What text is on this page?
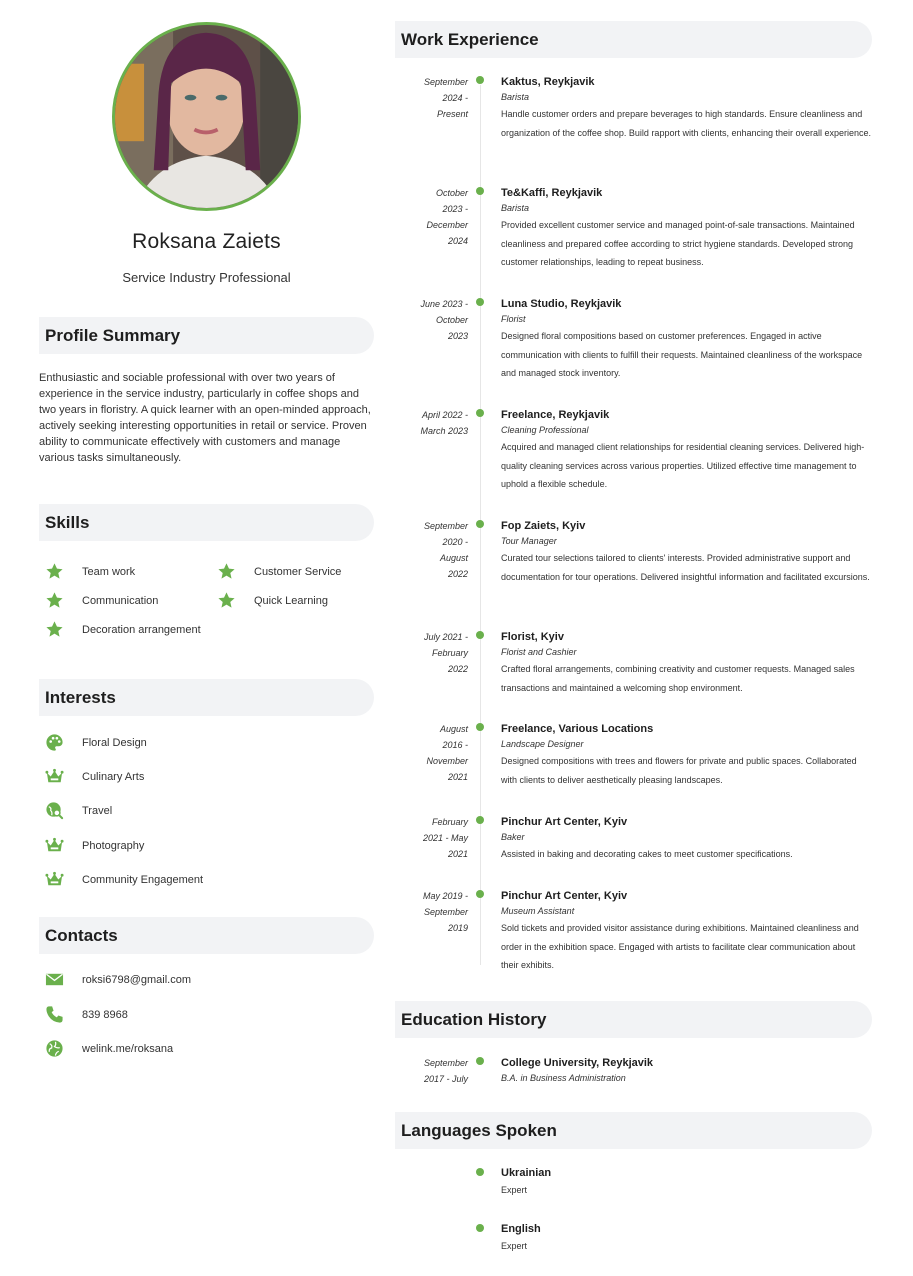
Roksana Zaiets
Service Industry Professional
Profile Summary
Enthusiastic and sociable professional with over two years of experience in the service industry, particularly in coffee shops and two years in floristry. A quick learner with an open-minded approach, actively seeking interesting opportunities in retail or service. Proven ability to communicate effectively with customers and manage various tasks simultaneously.
Skills
Team work	Customer Service
Communication	Quick Learning
Decoration arrangement
Interests
Floral Design
Culinary Arts
Travel
Photography
Community Engagement
Contacts
roksi6798@gmail.com
839 8968
welink.me/roksana
Work Experience
September
2024 -
Present
Kaktus, Reykjavik
Barista
Handle customer orders and prepare beverages to high standards. Ensure cleanliness and organization of the coffee shop. Build rapport with clients, enhancing their overall experience.
October
2023 -
December
2024
Te&Kaffi, Reykjavik
Barista
Provided excellent customer service and managed point-of-sale transactions. Maintained cleanliness and prepared coffee according to strict hygiene standards. Developed strong customer relationships, leading to repeat business.
June 2023 -
October
2023
Luna Studio, Reykjavik
Florist
Designed floral compositions based on customer preferences. Engaged in active communication with clients to fulfill their requests. Maintained cleanliness of the workspace and managed stock inventory.
April 2022 -
March 2023
Freelance, Reykjavik
Cleaning Professional
Acquired and managed client relationships for residential cleaning services. Delivered high-quality cleaning services across various properties. Utilized effective time management to uphold a flexible schedule.
September
2020 -
August
2022
Fop Zaiets, Kyiv
Tour Manager
Curated tour selections tailored to clients' interests. Provided administrative support and documentation for tour operations. Delivered insightful information and facilitated excursions.
July 2021 -
February
2022
Florist, Kyiv
Florist and Cashier
Crafted floral arrangements, combining creativity and customer requests. Managed sales transactions and maintained a welcoming shop environment.
August
2016 -
November
2021
Freelance, Various Locations
Landscape Designer
Designed compositions with trees and flowers for private and public spaces. Collaborated with clients to deliver aesthetically pleasing landscapes.
February
2021 - May
2021
Pinchur Art Center, Kyiv
Baker
Assisted in baking and decorating cakes to meet customer specifications.
May 2019 -
September
2019
Pinchur Art Center, Kyiv
Museum Assistant
Sold tickets and provided visitor assistance during exhibitions. Maintained cleanliness and order in the exhibition space. Engaged with artists to facilitate clear communication about their exhibits.
Education History
September
2017 - July
College University, Reykjavik
B.A. in Business Administration
Languages Spoken
Ukrainian
Expert
English
Expert
